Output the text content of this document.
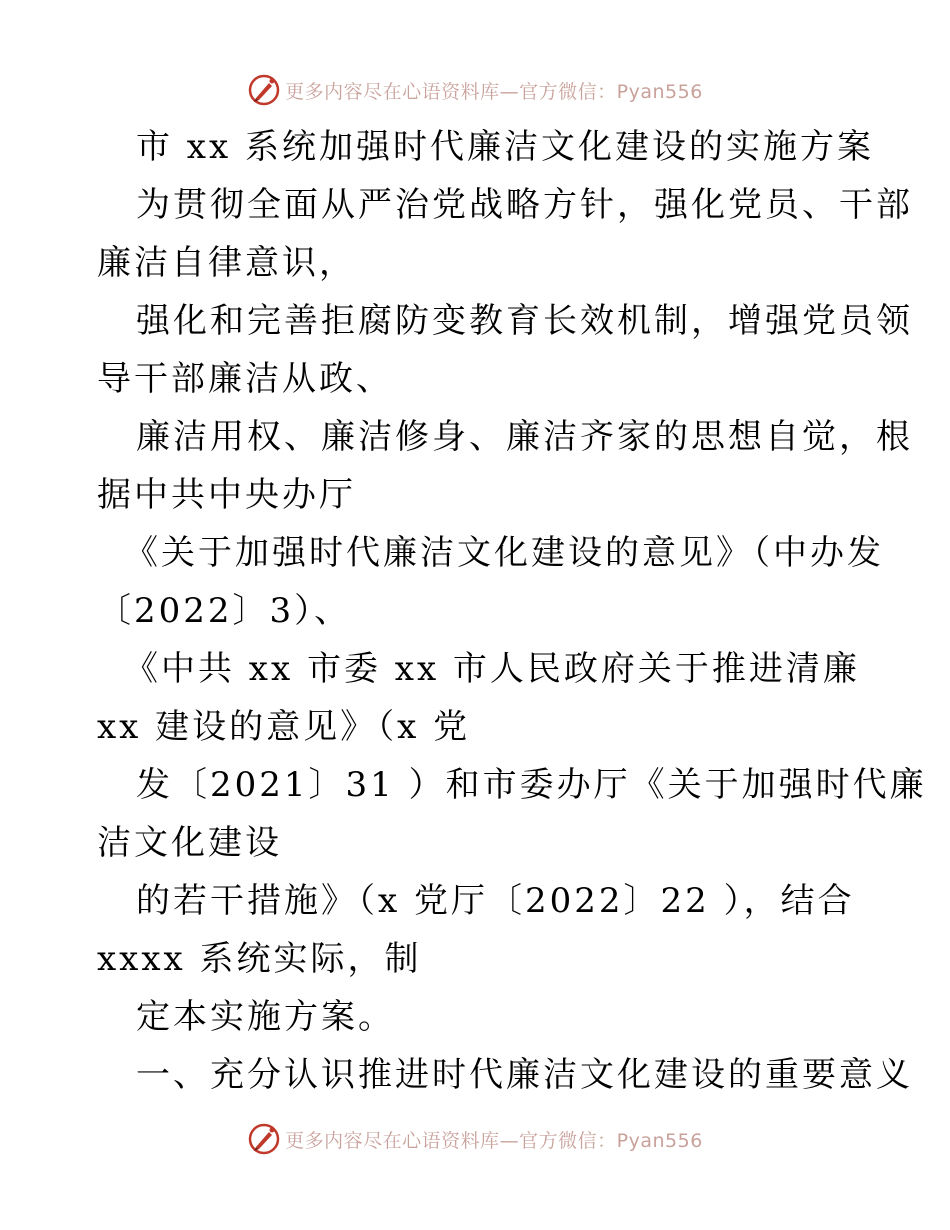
更多内容尽在心语资料库—官方微信：Pyan556
市 xx 系统加强时代廉洁文化建设的实施方案
为贯彻全面从严治党战略方针，强化党员、干部
廉洁自律意识，
强化和完善拒腐防变教育长效机制，增强党员领
导干部廉洁从政、
廉洁用权、廉洁修身、廉洁齐家的思想自觉，根
据中共中央办厅
《关于加强时代廉洁文化建设的意见》（中办发
〔2022〕3）、
《中共 xx 市委 xx 市人民政府关于推进清廉
xx 建设的意见》（x 党
发〔2021〕31 ）和市委办厅《关于加强时代廉
洁文化建设
的若干措施》（x 党厅〔2022〕22 ），结合
xxxx 系统实际，制
定本实施方案。
一、充分认识推进时代廉洁文化建设的重要意义
更多内容尽在心语资料库—官方微信：Pyan556
